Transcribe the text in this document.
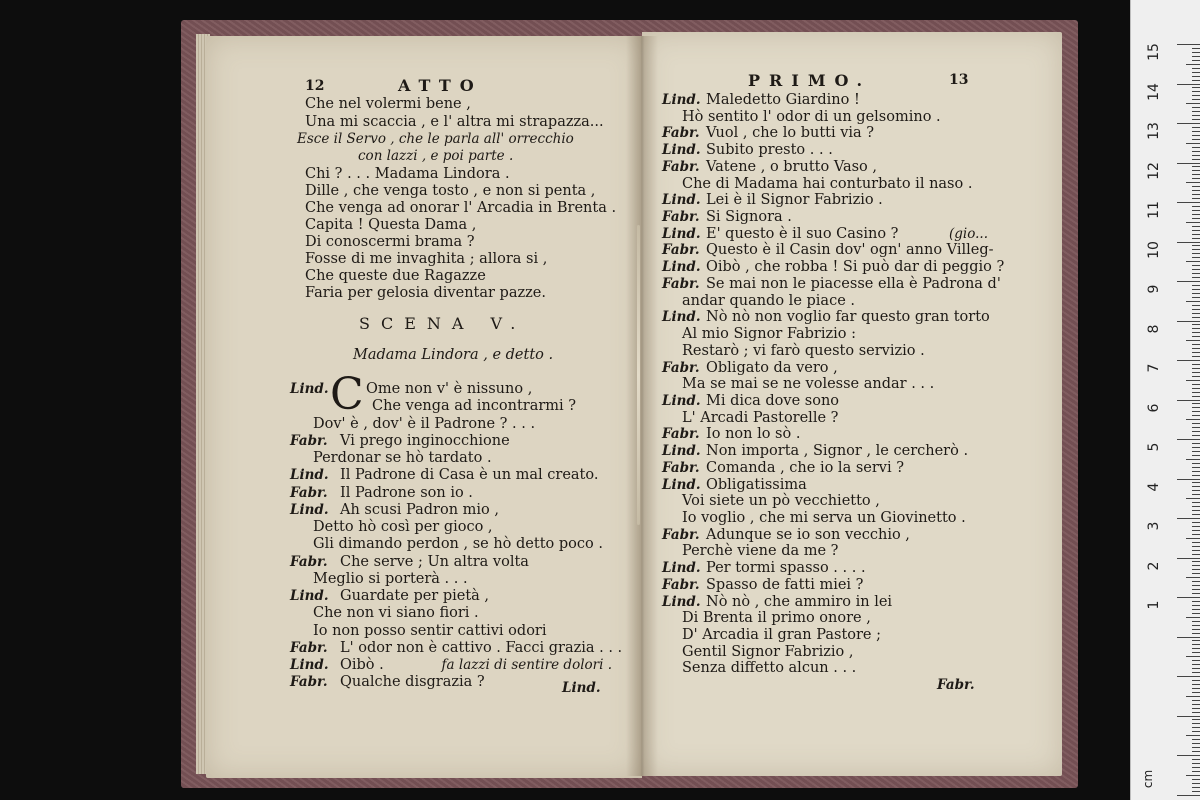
12	ATTO
Che nel volermi bene ,
Una mi scaccia , e l' altra mi strapazza...
Esce il Servo , che le parla all' orrecchio
con lazzi , e poi parte .
Chi ? . . . Madama Lindora .
Dille , che venga tosto , e non si penta ,
Che venga ad onorar l' Arcadia in Brenta .
Capita ! Questa Dama ,
Di conoscermi brama ?
Fosse di me invaghita ; allora si ,
Che queste due Ragazze
Faria per gelosia diventar pazze.
SCENA V.
Madama Lindora , e detto .
Lind. C Ome non v' è nissuno ,
Che venga ad incontrarmi ?
Dov' è , dov' è il Padrone ? . . .
Fabr. Vi prego inginocchione
Perdonar se hò tardato .
Lind. Il Padrone di Casa è un mal creato.
Fabr. Il Padrone son io .
Lind. Ah scusi Padron mio ,
Detto hò così per gioco ,
Gli dimando perdon , se hò detto poco .
Fabr. Che serve ; Un altra volta
Meglio si porterà . . .
Lind. Guardate per pietà ,
Che non vi siano fiori .
Io non posso sentir cattivi odori
Fabr. L' odor non è cattivo . Facci grazia . . .
Lind. Oibò .	fa lazzi di sentire dolori .
Fabr. Qualche disgrazia ?	Lind.
13
PRIMO.
Lind. Maledetto Giardino !
Hò sentito l' odor di un gelsomino .
Fabr. Vuol , che lo butti via ?
Lind. Subito presto . . .
Fabr. Vatene , o brutto Vaso ,
Che di Madama hai conturbato il naso .
Lind. Lei è il Signor Fabrizio .
Fabr. Si Signora .
Lind. E' questo è il suo Casino ?	(gio...
Fabr. Questo è il Casin dov' ogn' anno Villeg-
Lind. Oibò , che robba ! Si può dar di peggio ?
Fabr. Se mai non le piacesse ella è Padrona d'
andar quando le piace .
Lind. Nò nò non voglio far questo gran torto
Al mio Signor Fabrizio :
Restarò ; vi farò questo servizio .
Fabr. Obligato da vero ,
Ma se mai se ne volesse andar . . .
Lind. Mi dica dove sono
L' Arcadi Pastorelle ?
Fabr. Io non lo sò .
Lind. Non importa , Signor , le cercherò .
Fabr. Comanda , che io la servi ?
Lind. Obligatissima
Voi siete un pò vecchietto ,
Io voglio , che mi serva un Giovinetto .
Fabr. Adunque se io son vecchio ,
Perchè viene da me ?
Lind. Per tormi spasso . . . .
Fabr. Spasso de fatti miei ?
Lind. Nò nò , che ammiro in lei
Di Brenta il primo onore ,
D' Arcadia il gran Pastore ;
Gentil Signor Fabrizio ,
Senza diffetto alcun . . .
Fabr.
cm
15
14
13
12
11
10
9
8
7
6
5
4
3
2
1
